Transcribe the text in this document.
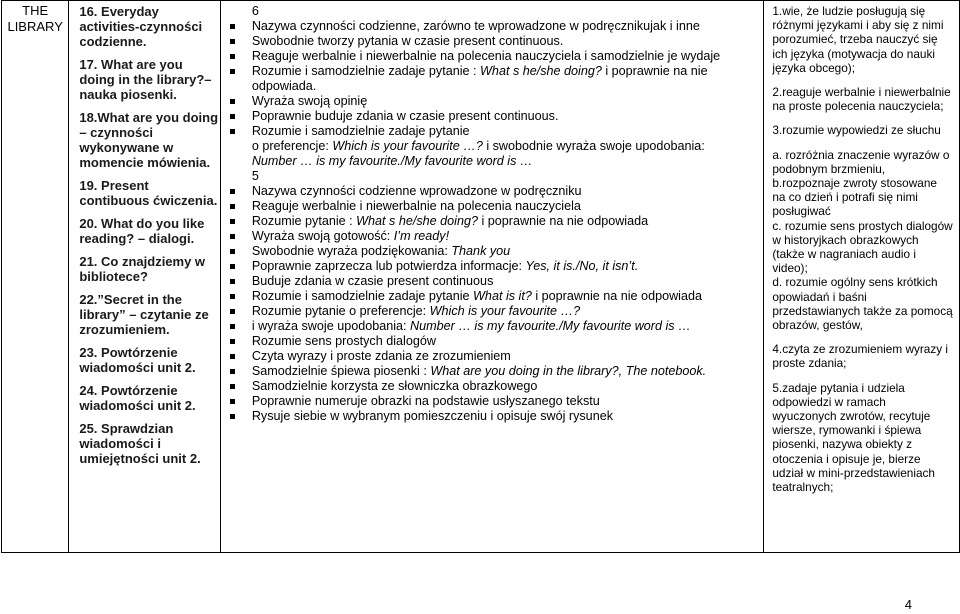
THE LIBRARY

16. Everyday activities-czynności codzienne.
17. What are you doing in the library?– nauka piosenki.
18.What are you doing – czynności wykonywane w momencie mówienia.
19. Present contibuous ćwiczenia.
20. What do you like reading? – dialogi.
21. Co znajdziemy w bibliotece?
22.”Secret in the library” – czytanie ze zrozumieniem.
23. Powtórzenie wiadomości unit 2.
24. Powtórzenie wiadomości unit 2.
25. Sprawdzian wiadomości i umiejętności unit 2.

6
Nazywa czynności codzienne, zarówno te wprowadzone w podręcznikujak i inne
Swobodnie tworzy pytania w czasie present continuous.
Reaguje werbalnie i niewerbalnie na polecenia nauczyciela i samodzielnie je wydaje
Rozumie i samodzielnie zadaje pytanie : What s he/she doing? i poprawnie na nie
odpowiada.
Wyraża swoją opinię
Poprawnie buduje zdania w czasie present continuous.
Rozumie i samodzielnie zadaje pytanie
o preferencje: Which is your favourite …? i swobodnie wyraża swoje upodobania:
Number … is my favourite./My favourite word is …
5
Nazywa czynności codzienne wprowadzone w podręczniku
Reaguje werbalnie i niewerbalnie na polecenia nauczyciela
Rozumie pytanie : What s he/she doing? i poprawnie na nie odpowiada
Wyraża swoją gotowość: I’m ready!
Swobodnie wyraża podziękowania: Thank you
Poprawnie zaprzecza lub potwierdza informacje: Yes, it is./No, it isn’t.
Buduje zdania w czasie present continuous
Rozumie i samodzielnie zadaje pytanie What is it? i poprawnie na nie odpowiada
Rozumie pytanie o preferencje: Which is your favourite …?
i wyraża swoje upodobania: Number … is my favourite./My favourite word is …
Rozumie sens prostych dialogów
Czyta wyrazy i proste zdania ze zrozumieniem
Samodzielnie śpiewa piosenki : What are you doing in the library?, The notebook.
Samodzielnie korzysta ze słowniczka obrazkowego
Poprawnie numeruje obrazki na podstawie usłyszanego tekstu
Rysuje siebie w wybranym pomieszczeniu i opisuje swój rysunek

1.wie, że ludzie posługują się różnymi językami i aby się z nimi porozumieć, trzeba nauczyć się ich języka (motywacja do nauki języka obcego);
2.reaguje werbalnie i niewerbalnie na proste polecenia nauczyciela;
3.rozumie wypowiedzi ze słuchu
a. rozróżnia znaczenie wyrazów o podobnym brzmieniu,
b.rozpoznaje zwroty stosowane na co dzień i potrafi się nimi posługiwać
c. rozumie sens prostych dialogów w historyjkach obrazkowych (także w nagraniach audio i video);
d. rozumie ogólny sens krótkich opowiadań i baśni przedstawianych także za pomocą obrazów, gestów,
4.czyta ze zrozumieniem wyrazy i proste zdania;
5.zadaje pytania i udziela odpowiedzi w ramach wyuczonych zwrotów, recytuje wiersze, rymowanki i śpiewa piosenki, nazywa obiekty z otoczenia i opisuje je, bierze udział w mini-przedstawieniach teatralnych;
4
